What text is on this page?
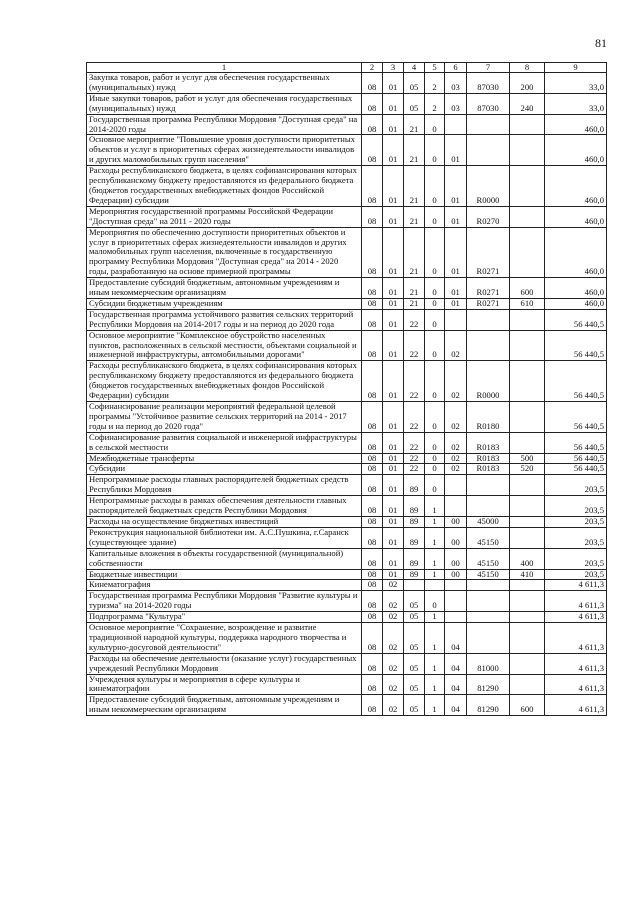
81
1	2	3	4	5	6	7	8	9
Закупка товаров, работ и услуг для обеспечения государственных (муниципальных) нужд	08	01	05	2	03	87030	200	33,0
Иные закупки товаров, работ и услуг для обеспечения государственных (муниципальных) нужд	08	01	05	2	03	87030	240	33,0
Государственная программа Республики Мордовия "Доступная среда" на 2014-2020 годы	08	01	21	0				460,0
Основное мероприятие "Повышение уровня доступности приоритетных объектов и услуг в приоритетных сферах жизнедеятельности инвалидов и других маломобильных групп населения"	08	01	21	0	01			460,0
Расходы республиканского бюджета, в целях софинансирования которых республиканскому бюджету предоставляются из федерального бюджета (бюджетов государственных внебюджетных фондов Российской Федерации) субсидии	08	01	21	0	01	R0000		460,0
Мероприятия государственной программы Российской Федерации "Доступная среда" на 2011 - 2020 годы	08	01	21	0	01	R0270		460,0
Мероприятия по обеспечению доступности приоритетных объектов и услуг в приоритетных сферах жизнедеятельности инвалидов и других маломобильных групп населения, включенные в государственную программу Республики Мордовия "Доступная среда" на 2014 - 2020 годы, разработанную на основе примерной программы	08	01	21	0	01	R0271		460,0
Предоставление субсидий бюджетным, автономным учреждениям и иным некоммерческим организациям	08	01	21	0	01	R0271	600	460,0
Субсидии бюджетным учреждениям	08	01	21	0	01	R0271	610	460,0
Государственная программа устойчивого развития сельских территорий Республики Мордовия на 2014-2017 годы и на период до 2020 года	08	01	22	0				56 440,5
Основное мероприятие "Комплексное обустройство населенных пунктов, расположенных в сельской местности, объектами социальной и инженерной инфраструктуры, автомобильными дорогами"	08	01	22	0	02			56 440,5
Расходы республиканского бюджета, в целях софинансирования которых республиканскому бюджету предоставляются из федерального бюджета (бюджетов государственных внебюджетных фондов Российской Федерации) субсидии	08	01	22	0	02	R0000		56 440,5
Софинансирование реализации мероприятий федеральной целевой программы "Устойчивое развитие сельских территорий на 2014 - 2017 годы и на период до 2020 года"	08	01	22	0	02	R0180		56 440,5
Софинансирование развития социальной и инженерной инфраструктуры в сельской местности	08	01	22	0	02	R0183		56 440,5
Межбюджетные трансферты	08	01	22	0	02	R0183	500	56 440,5
Субсидии	08	01	22	0	02	R0183	520	56 440,5
Непрограммные расходы главных распорядителей бюджетных средств Республики Мордовия	08	01	89	0				203,5
Непрограммные расходы в рамках обеспечения деятельности главных распорядителей бюджетных средств Республики Мордовия	08	01	89	1				203,5
Расходы на осуществление бюджетных инвестиций	08	01	89	1	00	45000		203,5
Реконструкция национальной библиотеки им. А.С.Пушкина, г.Саранск (существующее здание)	08	01	89	1	00	45150		203,5
Капитальные вложения в объекты государственной (муниципальной) собственности	08	01	89	1	00	45150	400	203,5
Бюджетные инвестиции	08	01	89	1	00	45150	410	203,5
Кинематография	08	02						4 611,3
Государственная программа Республики Мордовия "Развитие культуры и туризма" на 2014-2020 годы	08	02	05	0				4 611,3
Подпрограмма "Культура"	08	02	05	1				4 611,3
Основное мероприятие "Сохранение, возрождение и развитие традиционной народной культуры, поддержка народного творчества и культурно-досуговой деятельности"	08	02	05	1	04			4 611,3
Расходы на обеспечение деятельности (оказание услуг) государственных учреждений Республики Мордовия	08	02	05	1	04	81000		4 611,3
Учреждения культуры и мероприятия в сфере культуры и кинематографии	08	02	05	1	04	81290		4 611,3
Предоставление субсидий бюджетным, автономным учреждениям и иным некоммерческим организациям	08	02	05	1	04	81290	600	4 611,3
